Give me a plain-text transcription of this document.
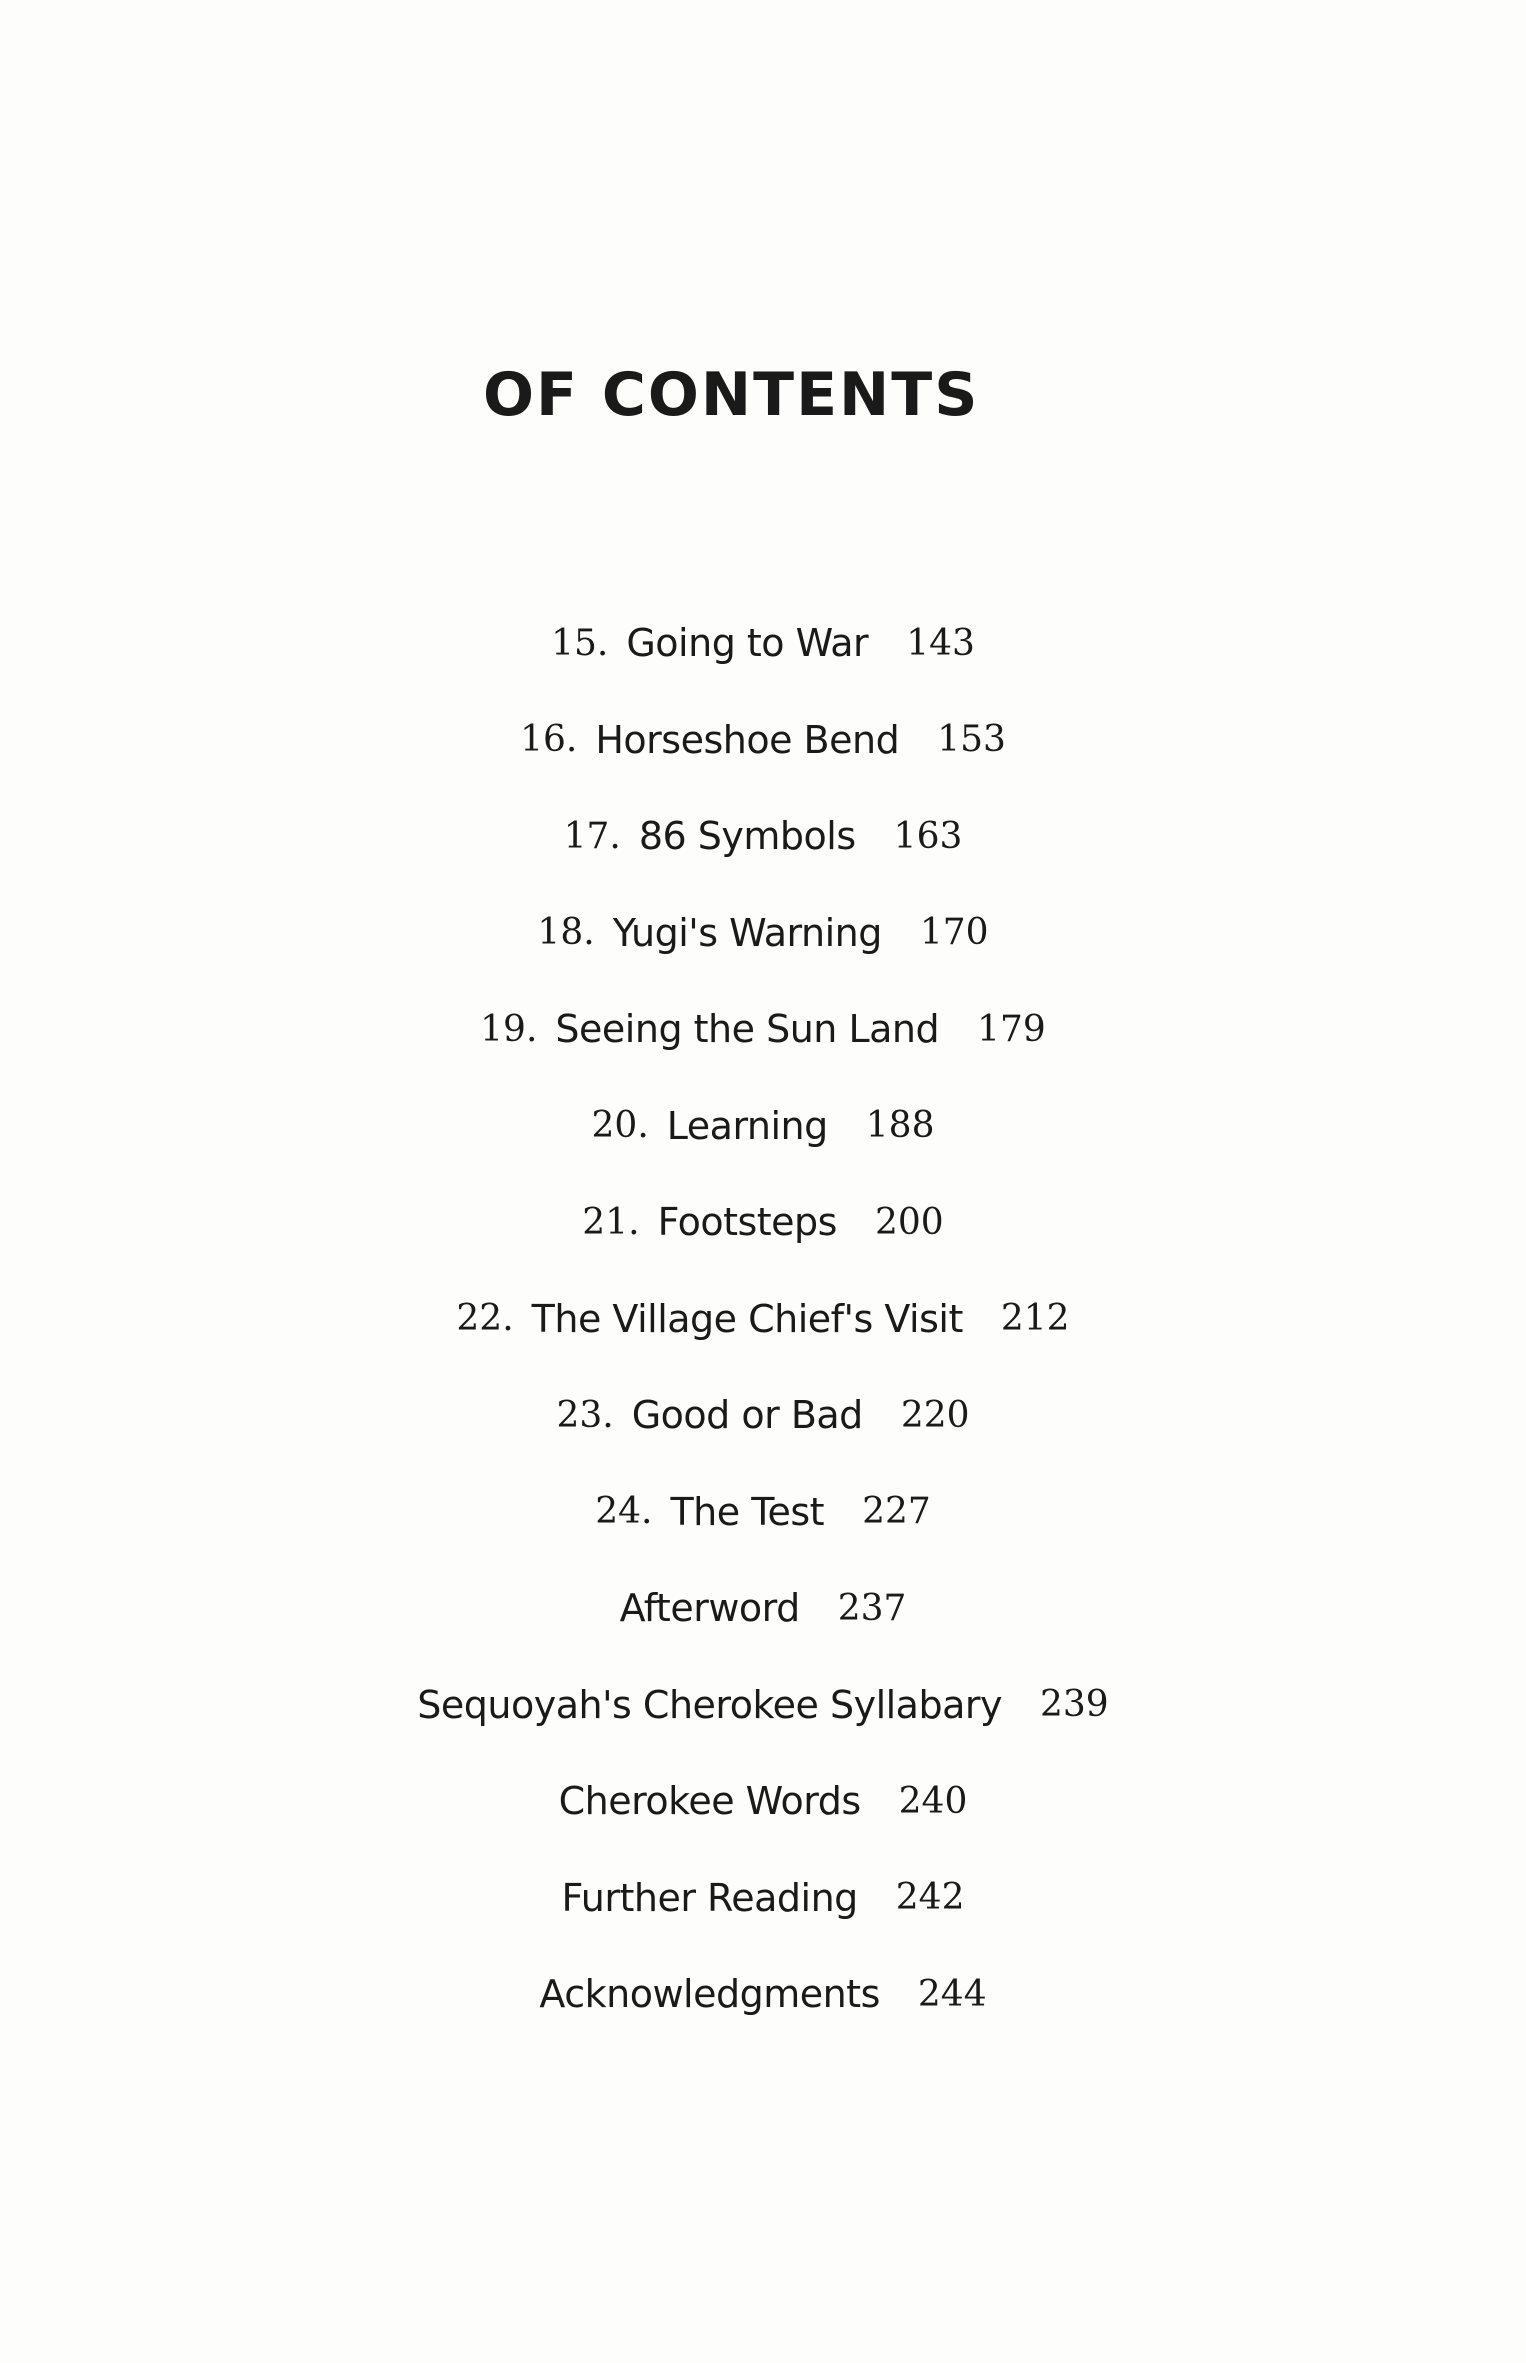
OF CONTENTS
15. Going to War 143
16. Horseshoe Bend 153
17. 86 Symbols 163
18. Yugi's Warning 170
19. Seeing the Sun Land 179
20. Learning 188
21. Footsteps 200
22. The Village Chief's Visit 212
23. Good or Bad 220
24. The Test 227
Afterword 237
Sequoyah's Cherokee Syllabary 239
Cherokee Words 240
Further Reading 242
Acknowledgments 244
